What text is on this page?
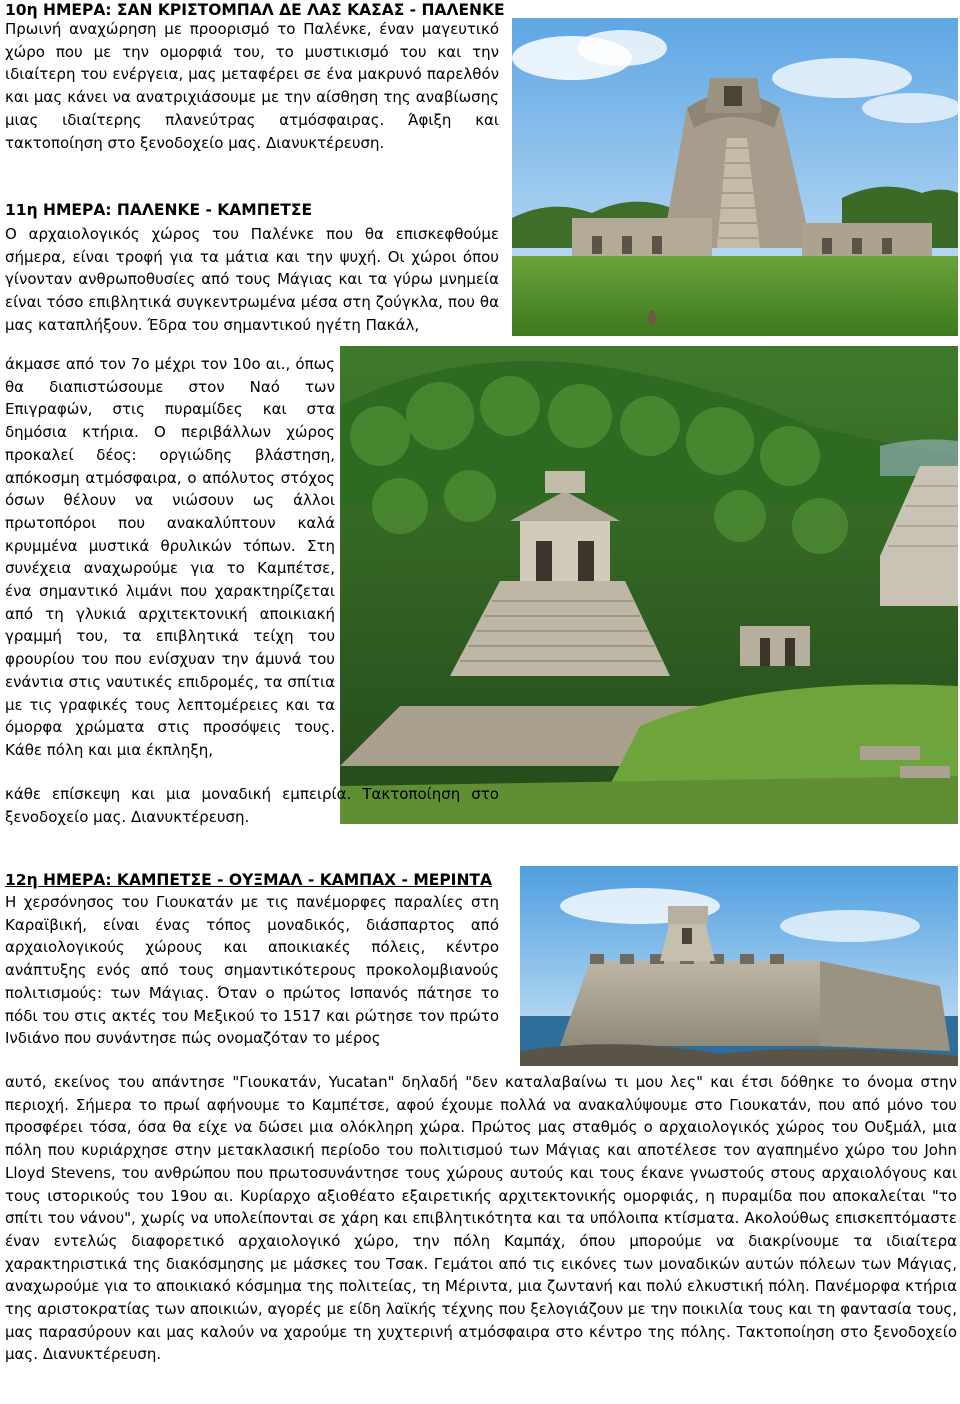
10η ΗΜΕΡΑ: ΣΑΝ ΚΡΙΣΤΟΜΠΑΛ ΔΕ ΛΑΣ ΚΑΣΑΣ - ΠΑΛΕΝΚΕ

Πρωινή αναχώρηση με προορισμό το Παλένκε, έναν μαγευτικό χώρο που με την ομορφιά του, το μυστικισμό του και την ιδιαίτερη του ενέργεια, μας μεταφέρει σε ένα μακρυνό παρελθόν και μας κάνει να ανατριχιάσουμε με την αίσθηση της αναβίωσης μιας ιδιαίτερης πλανεύτρας ατμόσφαιρας. Άφιξη και τακτοποίηση στο ξενοδοχείο μας. Διανυκτέρευση.

11η ΗΜΕΡΑ: ΠΑΛΕΝΚΕ - ΚΑΜΠΕΤΣΕ

Ο αρχαιολογικός χώρος του Παλένκε που θα επισκεφθούμε σήμερα, είναι τροφή για τα μάτια και την ψυχή. Οι χώροι όπου γίνονταν ανθρωποθυσίες από τους Μάγιας και τα γύρω μνημεία είναι τόσο επιβλητικά συγκεντρωμένα μέσα στη ζούγκλα, που θα μας καταπλήξουν. Έδρα του σημαντικού ηγέτη Πακάλ,

άκμασε από τον 7ο μέχρι τον 10ο αι., όπως θα διαπιστώσουμε στον Ναό των Επιγραφών, στις πυραμίδες και στα δημόσια κτήρια. Ο περιβάλλων χώρος προκαλεί δέος: οργιώδης βλάστηση, απόκοσμη ατμόσφαιρα, ο απόλυτος στόχος όσων θέλουν να νιώσουν ως άλλοι πρωτοπόροι που ανακαλύπτουν καλά κρυμμένα μυστικά θρυλικών τόπων. Στη συνέχεια αναχωρούμε για το Καμπέτσε, ένα σημαντικό λιμάνι που χαρακτηρίζεται από τη γλυκιά αρχιτεκτονική αποικιακή γραμμή του, τα επιβλητικά τείχη του φρουρίου του που ενίσχυαν την άμυνά του ενάντια στις ναυτικές επιδρομές, τα σπίτια με τις γραφικές τους λεπτομέρειες και τα όμορφα χρώματα στις προσόψεις τους. Κάθε πόλη και μια έκπληξη,

κάθε επίσκεψη και μια μοναδική εμπειρία. Τακτοποίηση στο ξενοδοχείο μας. Διανυκτέρευση.

12η ΗΜΕΡΑ: ΚΑΜΠΕΤΣΕ - ΟΥΞΜΑΛ - ΚΑΜΠΑΧ - ΜΕΡΙΝΤΑ

Η χερσόνησος του Γιουκατάν με τις πανέμορφες παραλίες στη Καραϊβική, είναι ένας τόπος μοναδικός, διάσπαρτος από αρχαιολογικούς χώρους και αποικιακές πόλεις, κέντρο ανάπτυξης ενός από τους σημαντικότερους προκολομβιανούς πολιτισμούς: των Μάγιας. Όταν ο πρώτος Ισπανός πάτησε το πόδι του στις ακτές του Μεξικού το 1517 και ρώτησε τον πρώτο Ινδιάνο που συνάντησε πώς ονομαζόταν το μέρος

αυτό, εκείνος του απάντησε "Γιουκατάν, Yucatan" δηλαδή "δεν καταλαβαίνω τι μου λες" και έτσι δόθηκε το όνομα στην περιοχή. Σήμερα το πρωί αφήνουμε το Καμπέτσε, αφού έχουμε πολλά να ανακαλύψουμε στο Γιουκατάν, που από μόνο του προσφέρει τόσα, όσα θα είχε να δώσει μια ολόκληρη χώρα. Πρώτος μας σταθμός ο αρχαιολογικός χώρος του Ουξμάλ, μια πόλη που κυριάρχησε στην μετακλασική περίοδο του πολιτισμού των Μάγιας και αποτέλεσε τον αγαπημένο χώρο του John Lloyd Stevens, του ανθρώπου που πρωτοσυνάντησε τους χώρους αυτούς και τους έκανε γνωστούς στους αρχαιολόγους και τους ιστορικούς του 19ου αι. Κυρίαρχο αξιοθέατο εξαιρετικής αρχιτεκτονικής ομορφιάς, η πυραμίδα που αποκαλείται "το σπίτι του νάνου", χωρίς να υπολείπονται σε χάρη και επιβλητικότητα και τα υπόλοιπα κτίσματα. Ακολούθως επισκεπτόμαστε έναν εντελώς διαφορετικό αρχαιολογικό χώρο, την πόλη Καμπάχ, όπου μπορούμε να διακρίνουμε τα ιδιαίτερα χαρακτηριστικά της διακόσμησης με μάσκες του Τσακ. Γεμάτοι από τις εικόνες των μοναδικών αυτών πόλεων των Μάγιας, αναχωρούμε για το αποικιακό κόσμημα της πολιτείας, τη Μέριντα, μια ζωντανή και πολύ ελκυστική πόλη. Πανέμορφα κτήρια της αριστοκρατίας των αποικιών, αγορές με είδη λαϊκής τέχνης που ξελογιάζουν με την ποικιλία τους και τη φαντασία τους, μας παρασύρουν και μας καλούν να χαρούμε τη χυχτερινή ατμόσφαιρα στο κέντρο της πόλης. Τακτοποίηση στο ξενοδοχείο μας. Διανυκτέρευση.
